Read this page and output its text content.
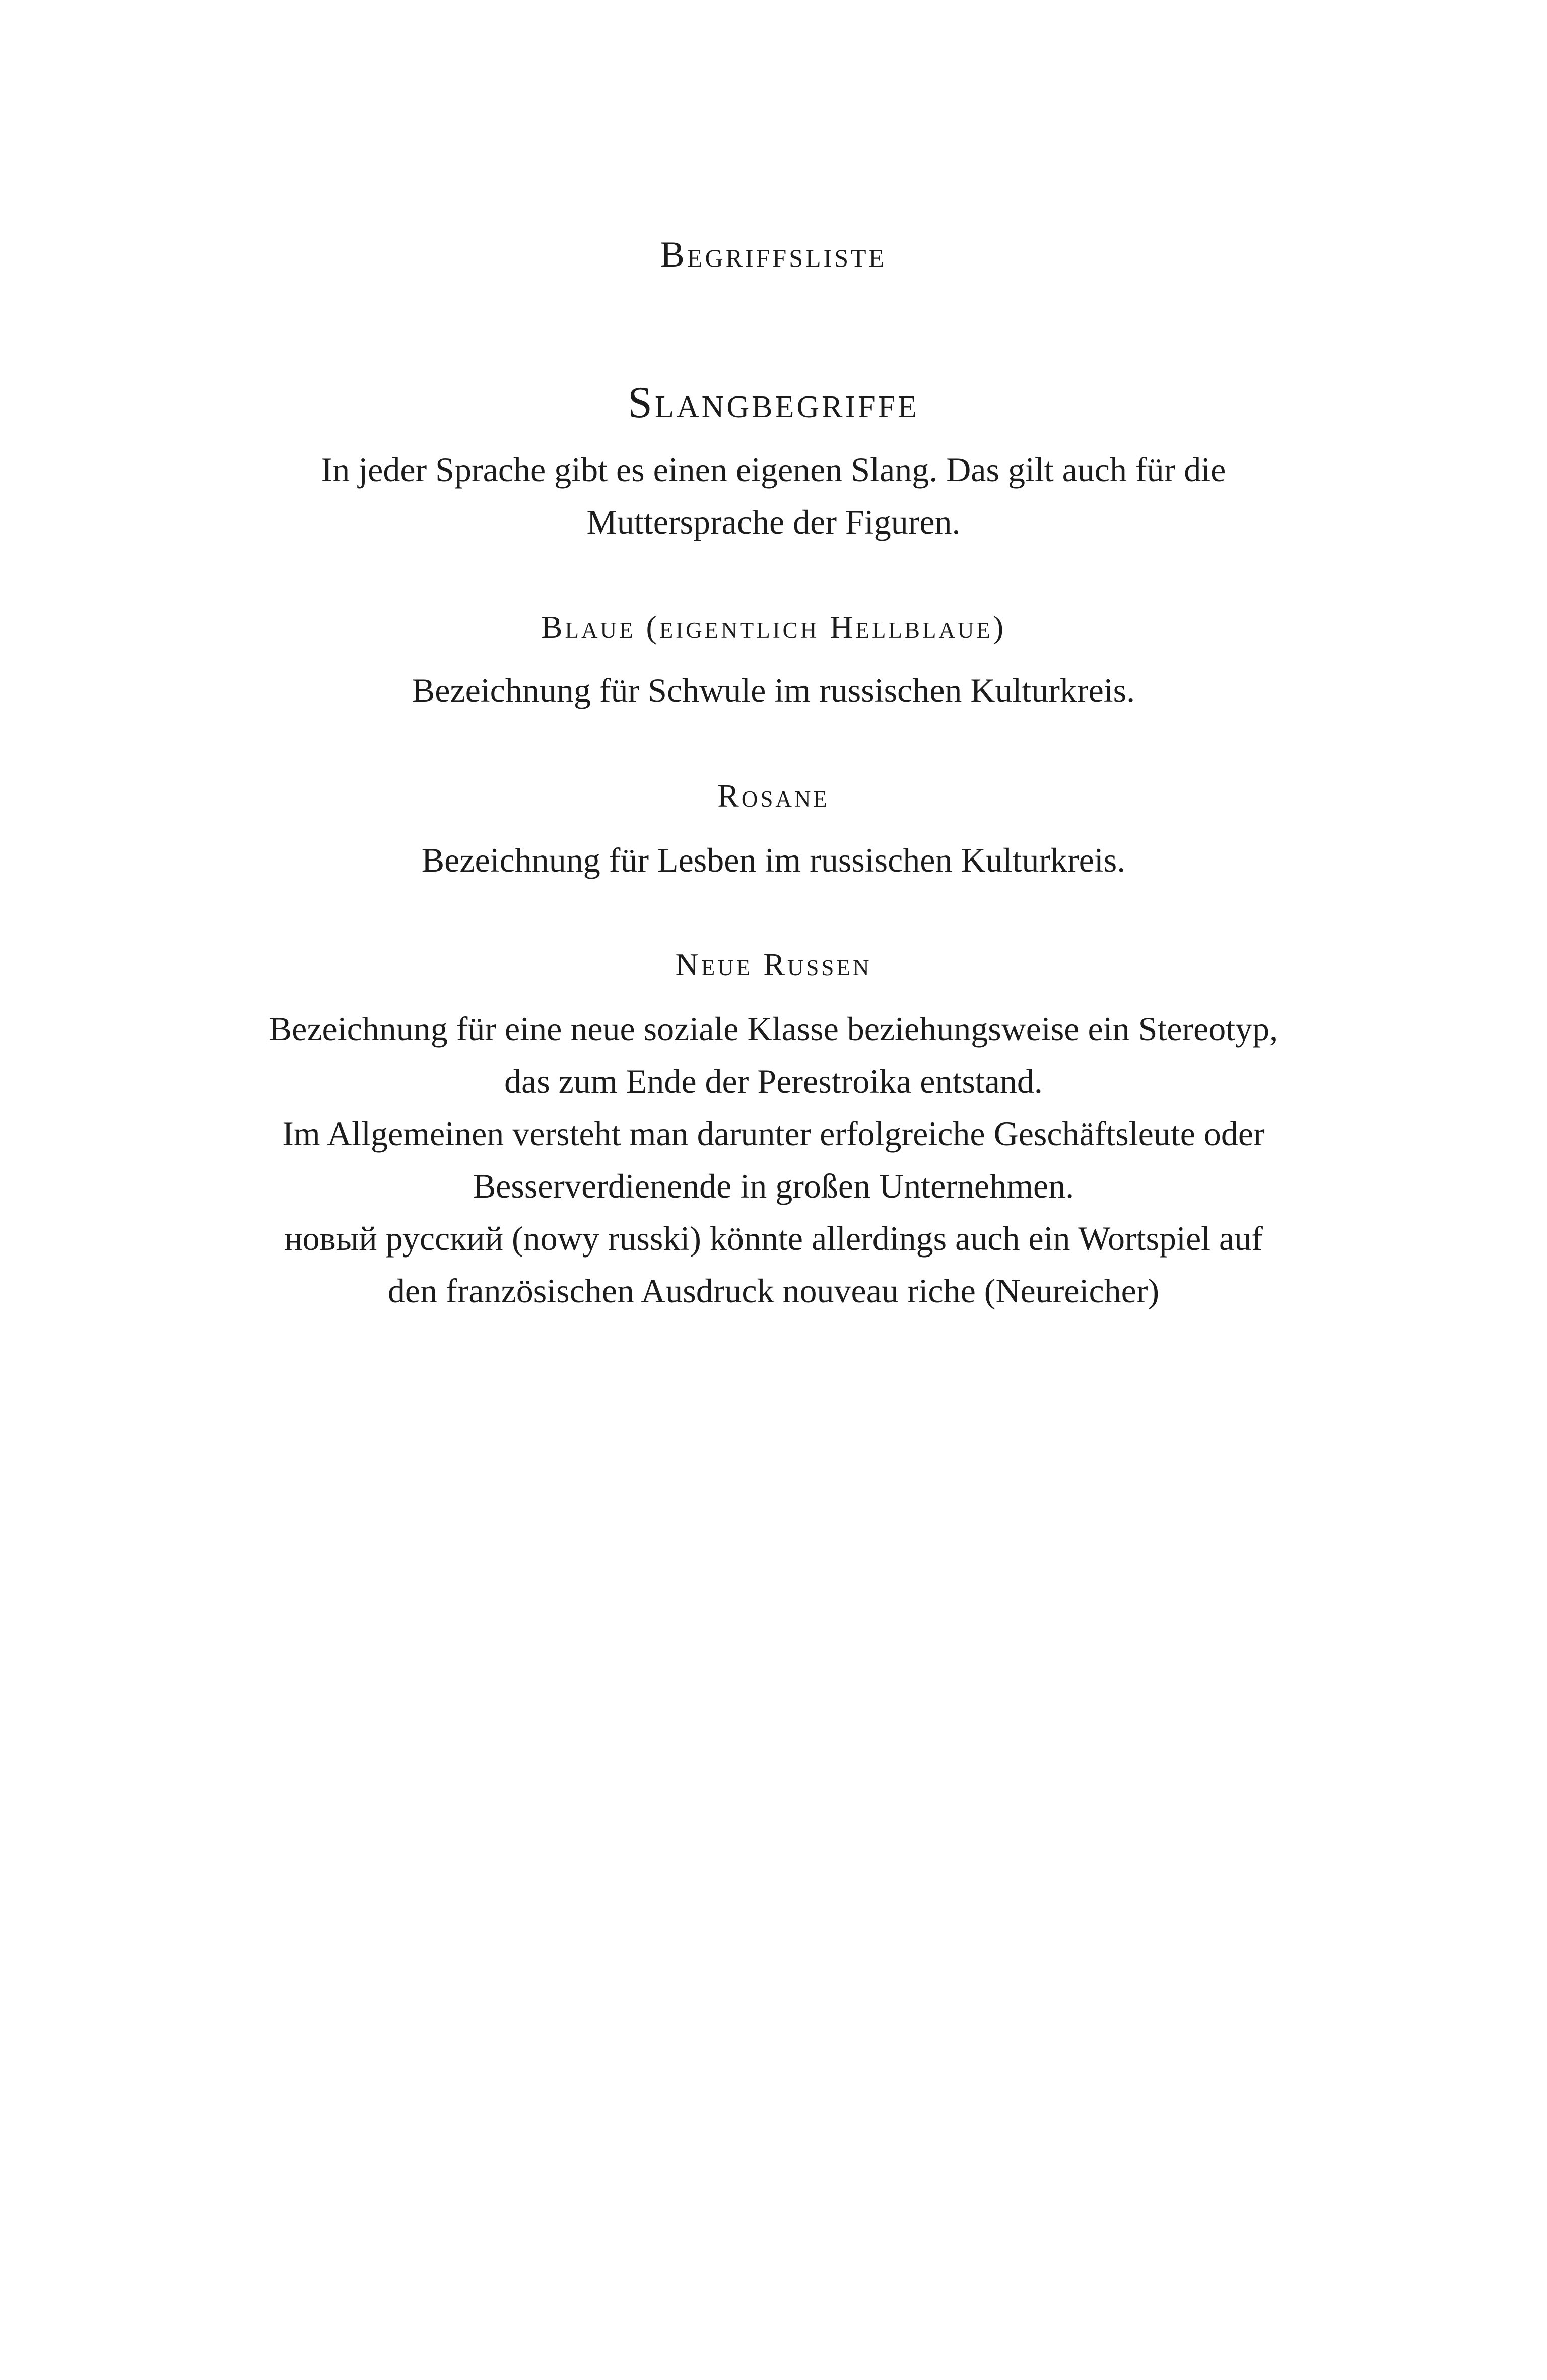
Begriffsliste
Slangbegriffe
In jeder Sprache gibt es einen eigenen Slang. Das gilt auch für die
Muttersprache der Figuren.
Blaue (eigentlich Hellblaue)
Bezeichnung für Schwule im russischen Kulturkreis.
Rosane
Bezeichnung für Lesben im russischen Kulturkreis.
Neue Russen
Bezeichnung für eine neue soziale Klasse beziehungsweise ein Stereotyp,
das zum Ende der Perestroika entstand.
Im Allgemeinen versteht man darunter erfolgreiche Geschäftsleute oder
Besserverdienende in großen Unternehmen.
новый русский (nowy russki) könnte allerdings auch ein Wortspiel auf
den französischen Ausdruck nouveau riche (Neureicher)
